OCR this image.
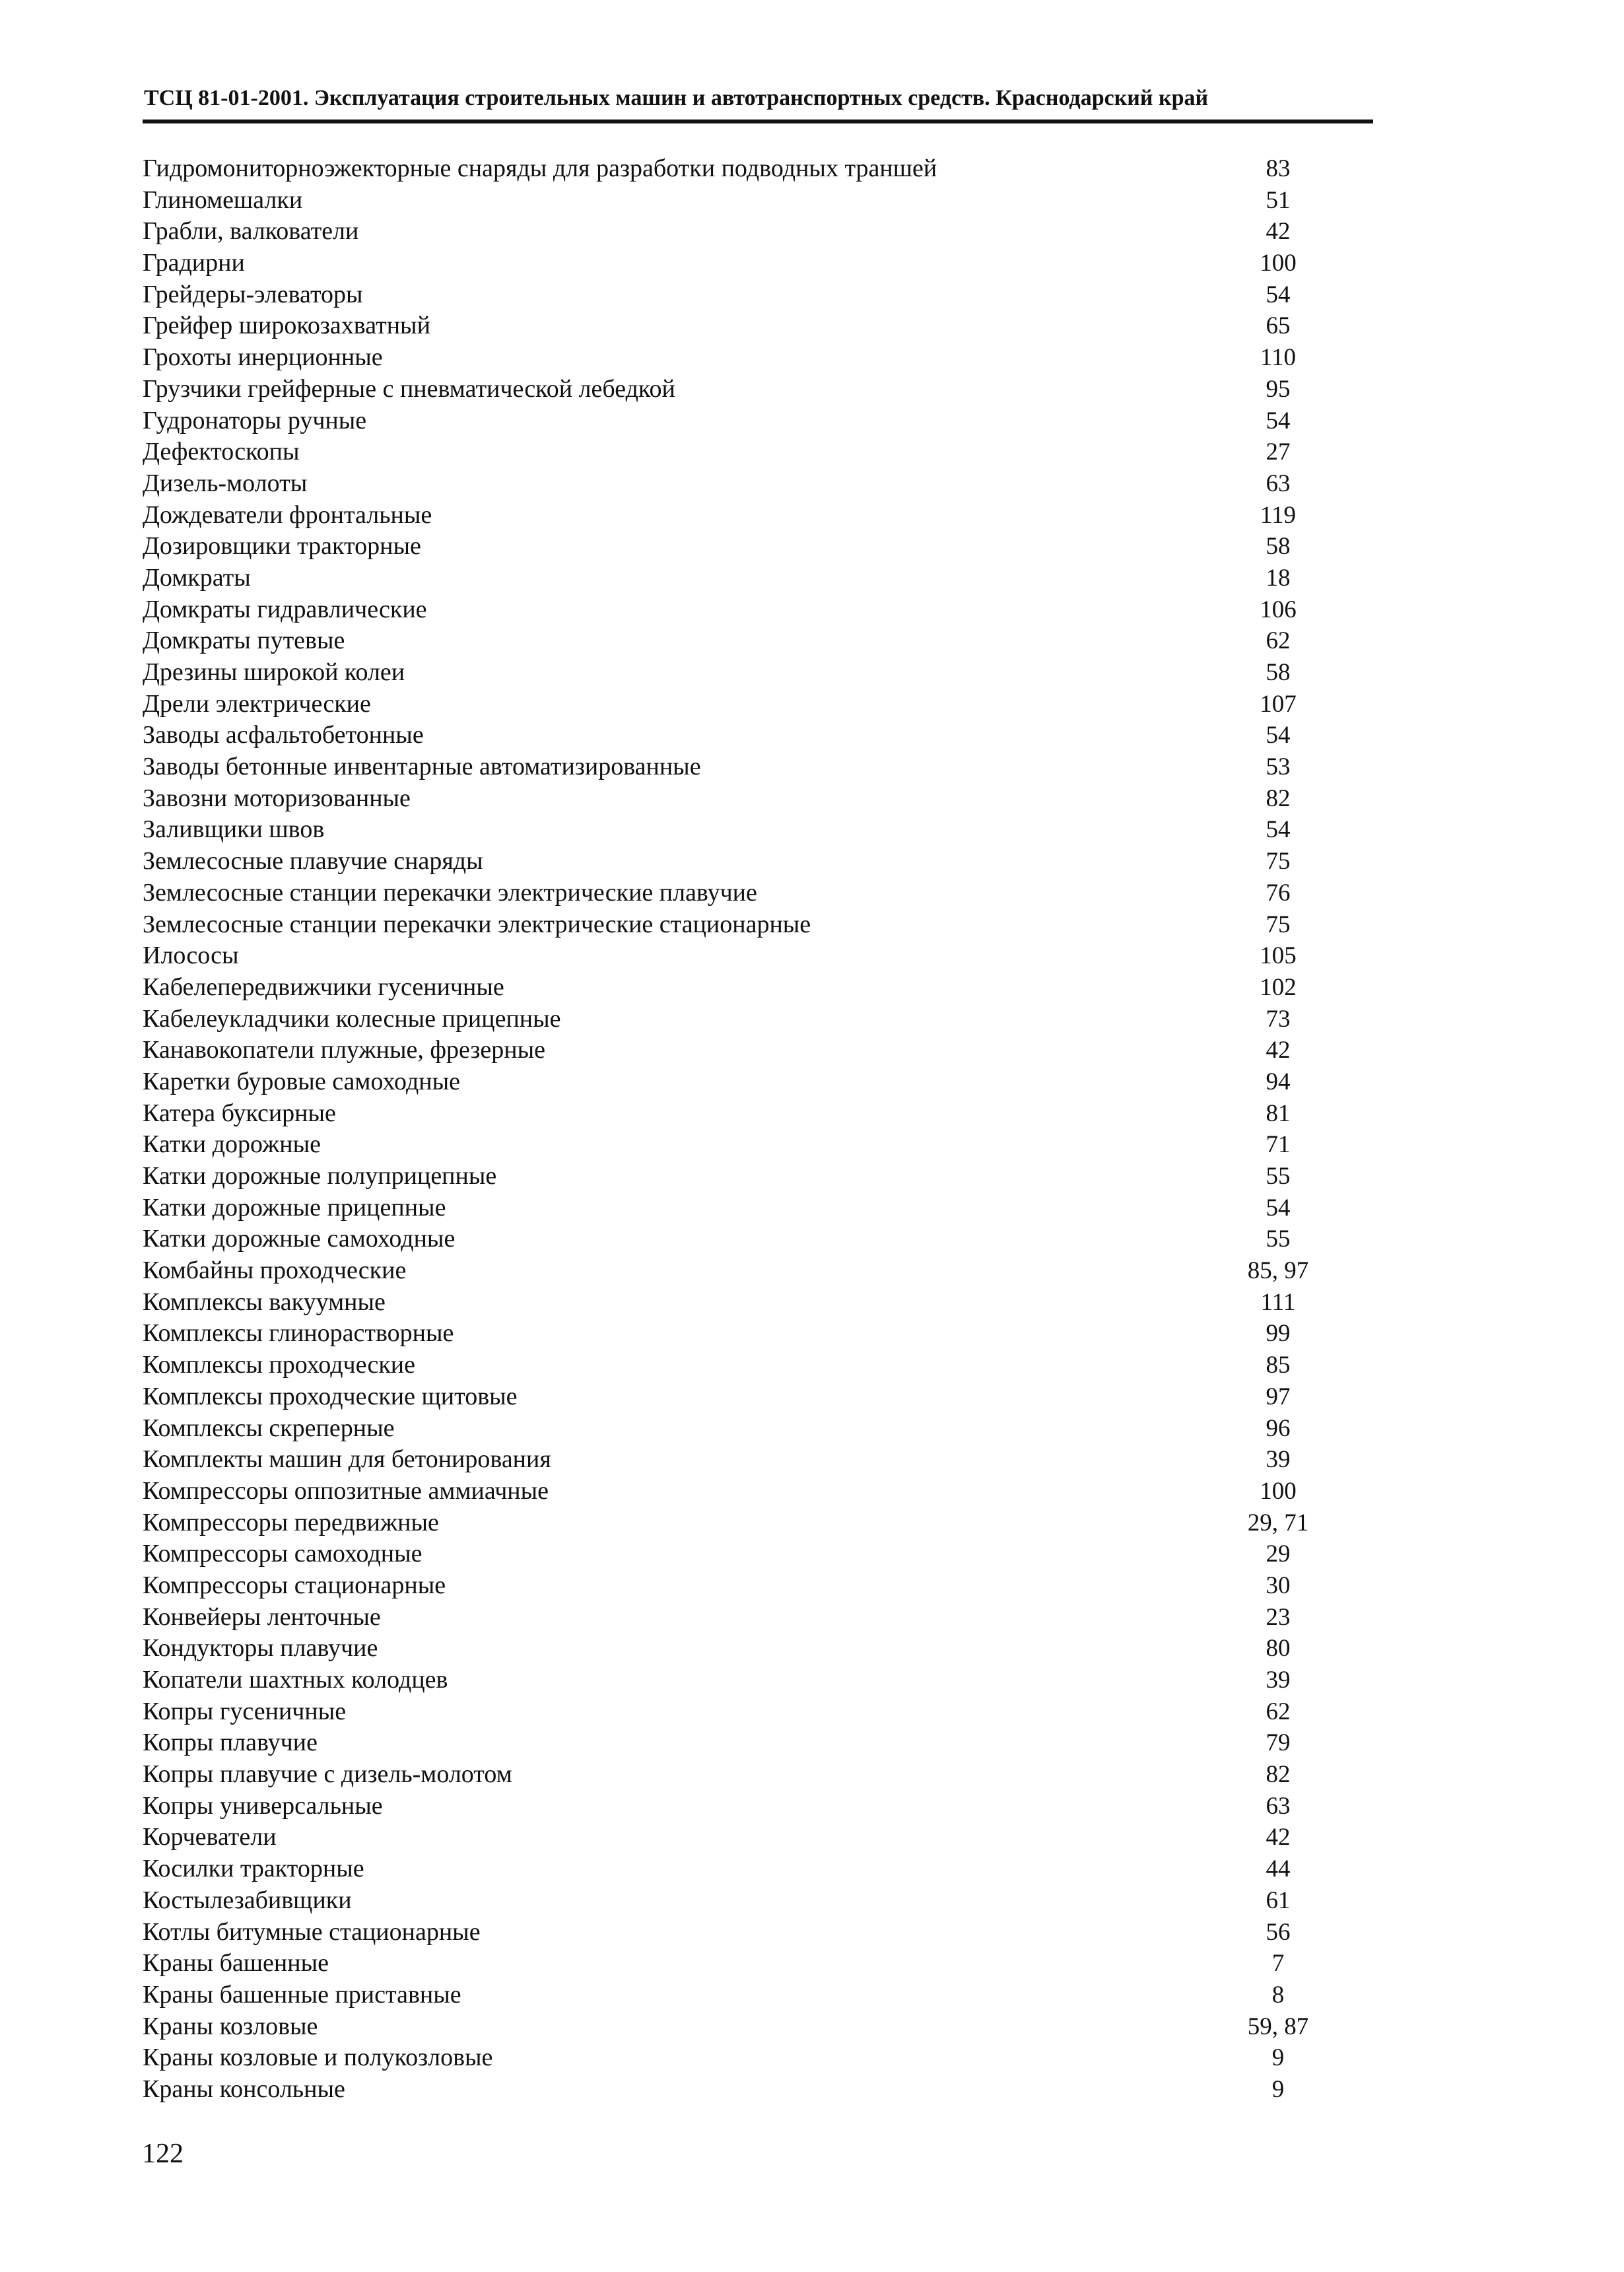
ТСЦ 81-01-2001. Эксплуатация строительных машин и автотранспортных средств. Краснодарский край
Гидромониторноэжекторные снаряды для разработки подводных траншей	83
Глиномешалки	51
Грабли, валкователи	42
Градирни	100
Грейдеры-элеваторы	54
Грейфер широкозахватный	65
Грохоты инерционные	110
Грузчики грейферные с пневматической лебедкой	95
Гудронаторы ручные	54
Дефектоскопы	27
Дизель-молоты	63
Дождеватели фронтальные	119
Дозировщики тракторные	58
Домкраты	18
Домкраты гидравлические	106
Домкраты путевые	62
Дрезины широкой колеи	58
Дрели электрические	107
Заводы асфальтобетонные	54
Заводы бетонные инвентарные автоматизированные	53
Завозни моторизованные	82
Заливщики швов	54
Землесосные плавучие снаряды	75
Землесосные станции перекачки электрические плавучие	76
Землесосные станции перекачки электрические стационарные	75
Илососы	105
Кабелепередвижчики гусеничные	102
Кабелеукладчики колесные прицепные	73
Канавокопатели плужные, фрезерные	42
Каретки буровые самоходные	94
Катера буксирные	81
Катки дорожные	71
Катки дорожные полуприцепные	55
Катки дорожные прицепные	54
Катки дорожные самоходные	55
Комбайны проходческие	85, 97
Комплексы вакуумные	111
Комплексы глинорастворные	99
Комплексы проходческие	85
Комплексы проходческие щитовые	97
Комплексы скреперные	96
Комплекты машин для бетонирования	39
Компрессоры оппозитные аммиачные	100
Компрессоры передвижные	29, 71
Компрессоры самоходные	29
Компрессоры стационарные	30
Конвейеры ленточные	23
Кондукторы плавучие	80
Копатели шахтных колодцев	39
Копры гусеничные	62
Копры плавучие	79
Копры плавучие с дизель-молотом	82
Копры универсальные	63
Корчеватели	42
Косилки тракторные	44
Костылезабивщики	61
Котлы битумные стационарные	56
Краны башенные	7
Краны башенные приставные	8
Краны козловые	59, 87
Краны козловые и полукозловые	9
Краны консольные	9
122
